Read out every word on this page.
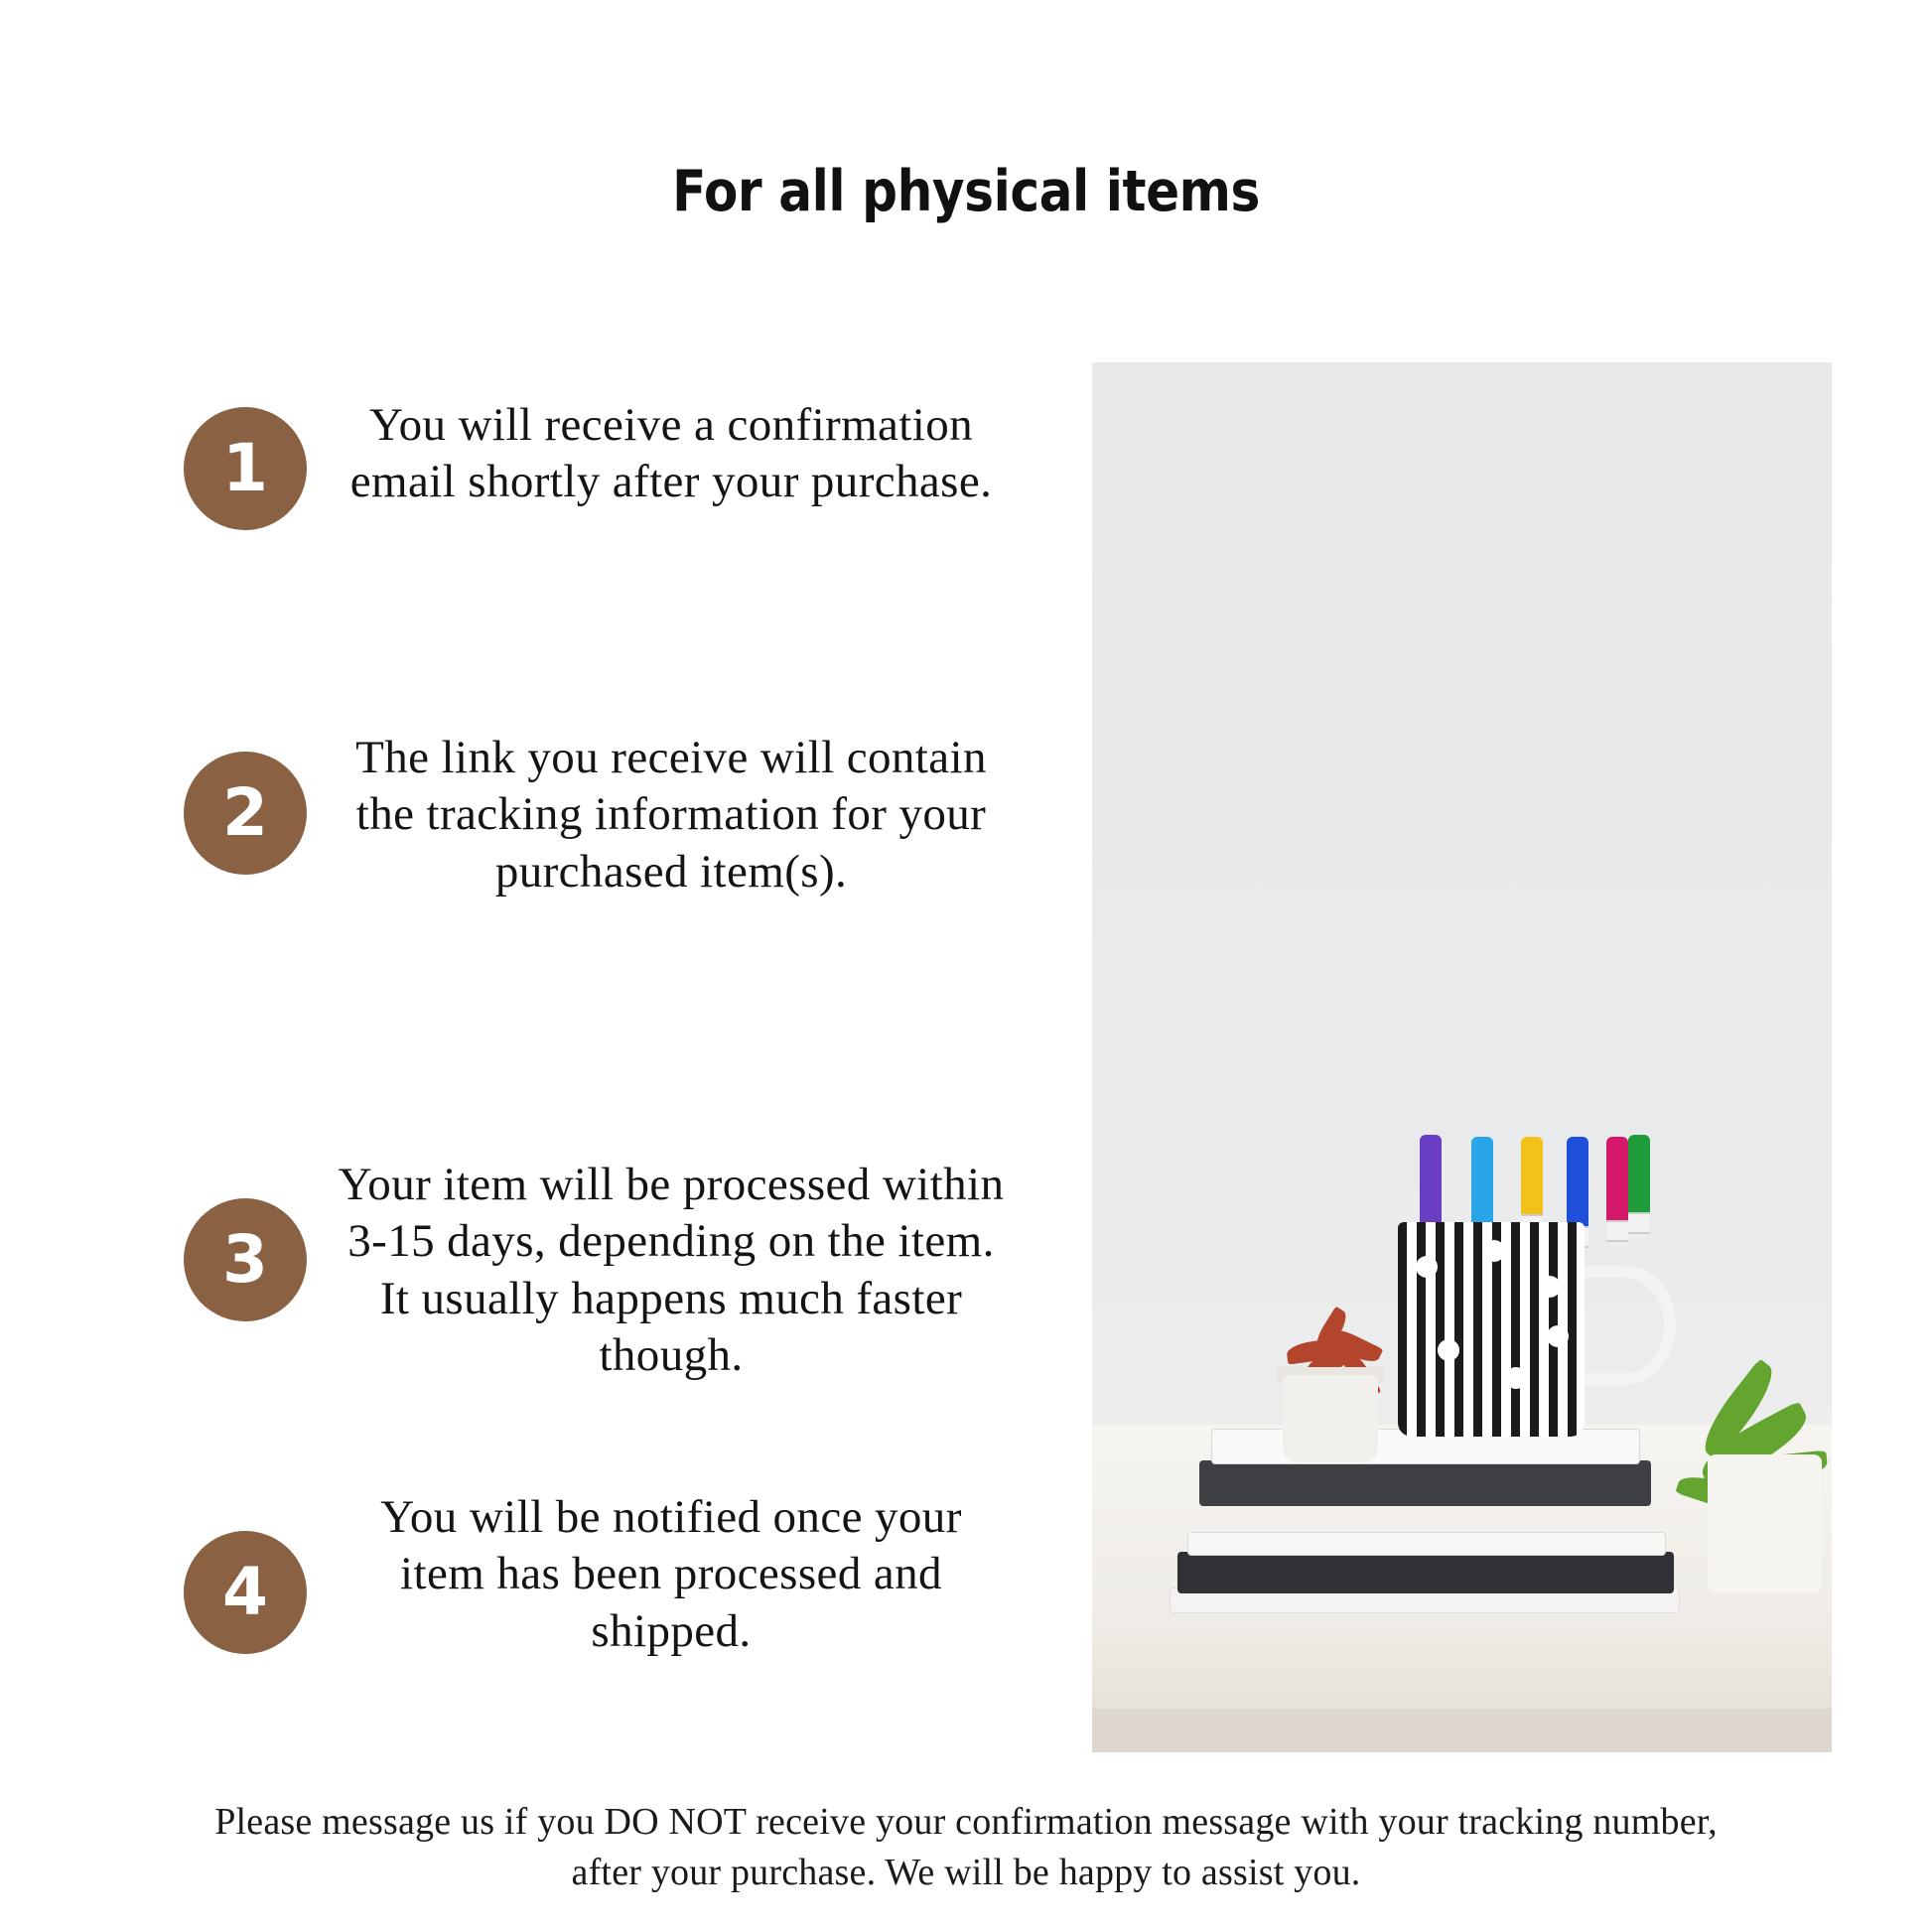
For all physical items
1
You will receive a confirmation email shortly after your purchase.
2
The link you receive will contain the tracking information for your purchased item(s).
3
Your item will be processed within 3-15 days, depending on the item. It usually happens much faster though.
4
You will be notified once your item has been processed and shipped.
Please message us if you DO NOT receive your confirmation message with your tracking number, after your purchase. We will be happy to assist you.
